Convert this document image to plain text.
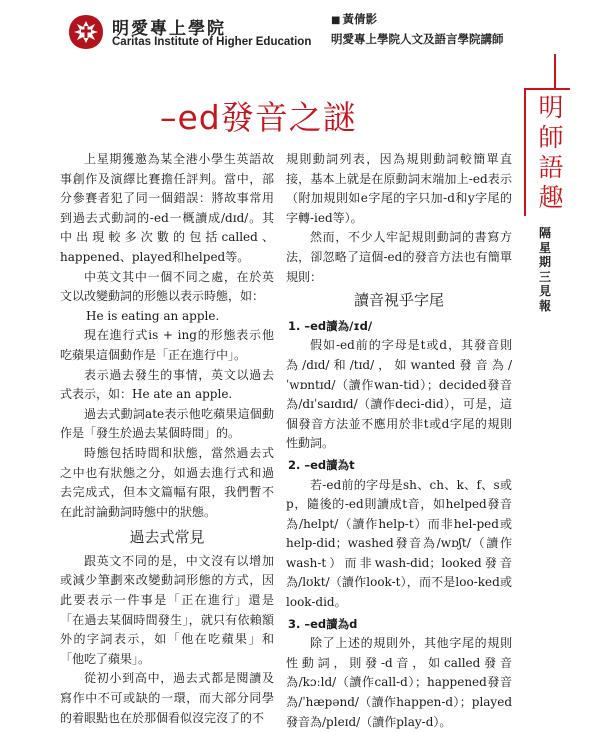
明愛專上學院
Caritas Institute of Higher Education
■ 黃倩影
明愛專上學院人文及語言學院講師
–ed發音之謎	明師語趣
隔星期三見報

上星期獲邀為某全港小學生英語故事創作及演繹比賽擔任評判。當中，部分參賽者犯了同一個錯誤：將故事常用到過去式動詞的-ed一概讀成/dɪd/。其中出現較多次數的包括called、happened、played和helped等。

中英文其中一個不同之處，在於英文以改變動詞的形態以表示時態，如：

He is eating an apple.

現在進行式is + ing的形態表示他吃蘋果這個動作是「正在進行中」。

表示過去發生的事情，英文以過去式表示，如：He ate an apple.

過去式動詞ate表示他吃蘋果這個動作是「發生於過去某個時間」的。

時態包括時間和狀態，當然過去式之中也有狀態之分，如過去進行式和過去完成式，但本文篇幅有限，我們暫不在此討論動詞時態中的狀態。

過去式常見

跟英文不同的是，中文沒有以增加或減少筆劃來改變動詞形態的方式，因此要表示一件事是「正在進行」還是「在過去某個時間發生」，就只有依賴額外的字詞表示，如「他在吃蘋果」和「他吃了蘋果」。

從初小到高中，過去式都是閱讀及寫作中不可或缺的一環，而大部分同學的着眼點也在於那個看似沒完沒了的不

規則動詞列表，因為規則動詞較簡單直接，基本上就是在原動詞末端加上-ed表示（附加規則如e字尾的字只加-d和y字尾的字轉-ied等）。

然而，不少人牢記規則動詞的書寫方法，卻忽略了這個-ed的發音方法也有簡單規則：

讀音視乎字尾
1. –ed讀為/ɪd/

假如-ed前的字母是t或d，其發音則為/dɪd/和/tɪd/，如wanted發音為/ˈwɒntɪd/（讀作wan-tid）；decided發音為/dɪˈsaɪdɪd/（讀作deci-did），可是，這個發音方法並不應用於非t或d字尾的規則性動詞。

2. –ed讀為t

若-ed前的字母是sh、ch、k、f、s或p，隨後的-ed則讀成t音，如helped發音為/helpt/（讀作help-t）而非hel-ped或help-did；washed發音為/wɒʃt/（讀作wash-t）而非wash-did；looked發音為/lʊkt/（讀作look-t），而不是loo-ked或look-did。

3. –ed讀為d

除了上述的規則外，其他字尾的規則性動詞，則發-d音，如called發音為/kɔːld/（讀作call-d）；happened發音為/ˈhæpənd/（讀作happen-d）；played發音為/pleɪd/（讀作play-d）。
